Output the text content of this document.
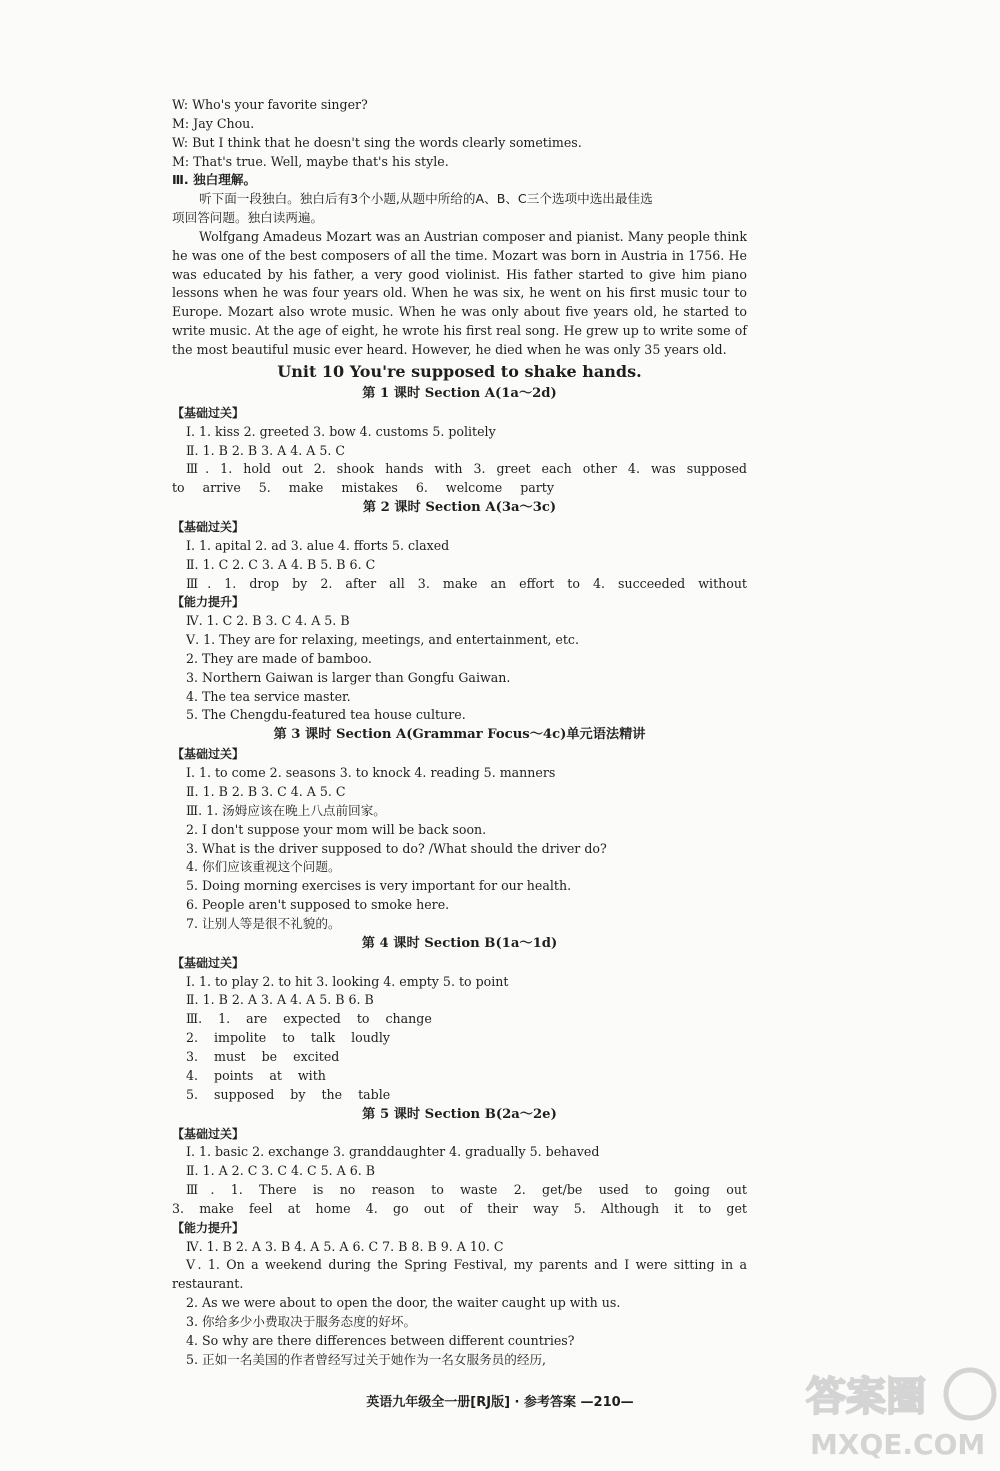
W: Who's your favorite singer?
M: Jay Chou.
W: But I think that he doesn't sing the words clearly sometimes.
M: That's true. Well, maybe that's his style.
Ⅲ. 独白理解。
听下面一段独白。独白后有3个小题,从题中所给的A、B、C三个选项中选出最佳选
项回答问题。独白读两遍。
Wolfgang Amadeus Mozart was an Austrian composer and pianist. Many people think
he was one of the best composers of all the time. Mozart was born in Austria in 1756. He
was educated by his father, a very good violinist. His father started to give him piano
lessons when he was four years old. When he was six, he went on his first music tour to
Europe. Mozart also wrote music. When he was only about five years old, he started to
write music. At the age of eight, he wrote his first real song. He grew up to write some of
the most beautiful music ever heard. However, he died when he was only 35 years old.
Unit 10 You're supposed to shake hands.
第 1 课时 Section A(1a～2d)
【基础过关】
Ⅰ. 1. kiss 2. greeted 3. bow 4. customs 5. politely
Ⅱ. 1. B 2. B 3. A 4. A 5. C
Ⅲ. 1. hold out 2. shook hands with 3. greet each other 4. was supposed
to arrive 5. make mistakes 6. welcome party
第 2 课时 Section A(3a～3c)
【基础过关】
Ⅰ. 1. apital 2. ad 3. alue 4. fforts 5. claxed
Ⅱ. 1. C 2. C 3. A 4. B 5. B 6. C
Ⅲ. 1. drop by 2. after all 3. make an effort to 4. succeeded without
【能力提升】
Ⅳ. 1. C 2. B 3. C 4. A 5. B
Ⅴ. 1. They are for relaxing, meetings, and entertainment, etc.
2. They are made of bamboo.
3. Northern Gaiwan is larger than Gongfu Gaiwan.
4. The tea service master.
5. The Chengdu-featured tea house culture.
第 3 课时 Section A(Grammar Focus～4c)单元语法精讲
【基础过关】
Ⅰ. 1. to come 2. seasons 3. to knock 4. reading 5. manners
Ⅱ. 1. B 2. B 3. C 4. A 5. C
Ⅲ. 1. 汤姆应该在晚上八点前回家。
2. I don't suppose your mom will be back soon.
3. What is the driver supposed to do? /What should the driver do?
4. 你们应该重视这个问题。
5. Doing morning exercises is very important for our health.
6. People aren't supposed to smoke here.
7. 让别人等是很不礼貌的。
第 4 课时 Section B(1a～1d)
【基础过关】
Ⅰ. 1. to play 2. to hit 3. looking 4. empty 5. to point
Ⅱ. 1. B 2. A 3. A 4. A 5. B 6. B
Ⅲ. 1. are expected to change
2. impolite to talk loudly
3. must be excited
4. points at with
5. supposed by the table
第 5 课时 Section B(2a～2e)
【基础过关】
Ⅰ. 1. basic 2. exchange 3. granddaughter 4. gradually 5. behaved
Ⅱ. 1. A 2. C 3. C 4. C 5. A 6. B
Ⅲ. 1. There is no reason to waste 2. get/be used to going out
3. make feel at home 4. go out of their way 5. Although it to get
【能力提升】
Ⅳ. 1. B 2. A 3. B 4. A 5. A 6. C 7. B 8. B 9. A 10. C
Ⅴ. 1. On a weekend during the Spring Festival, my parents and I were sitting in a
restaurant.
2. As we were about to open the door, the waiter caught up with us.
3. 你给多少小费取决于服务态度的好坏。
4. So why are there differences between different countries?
5. 正如一名美国的作者曾经写过关于她作为一名女服务员的经历,
英语九年级全一册[RJ版] · 参考答案 —210—	答案圈
MXQE.COM
